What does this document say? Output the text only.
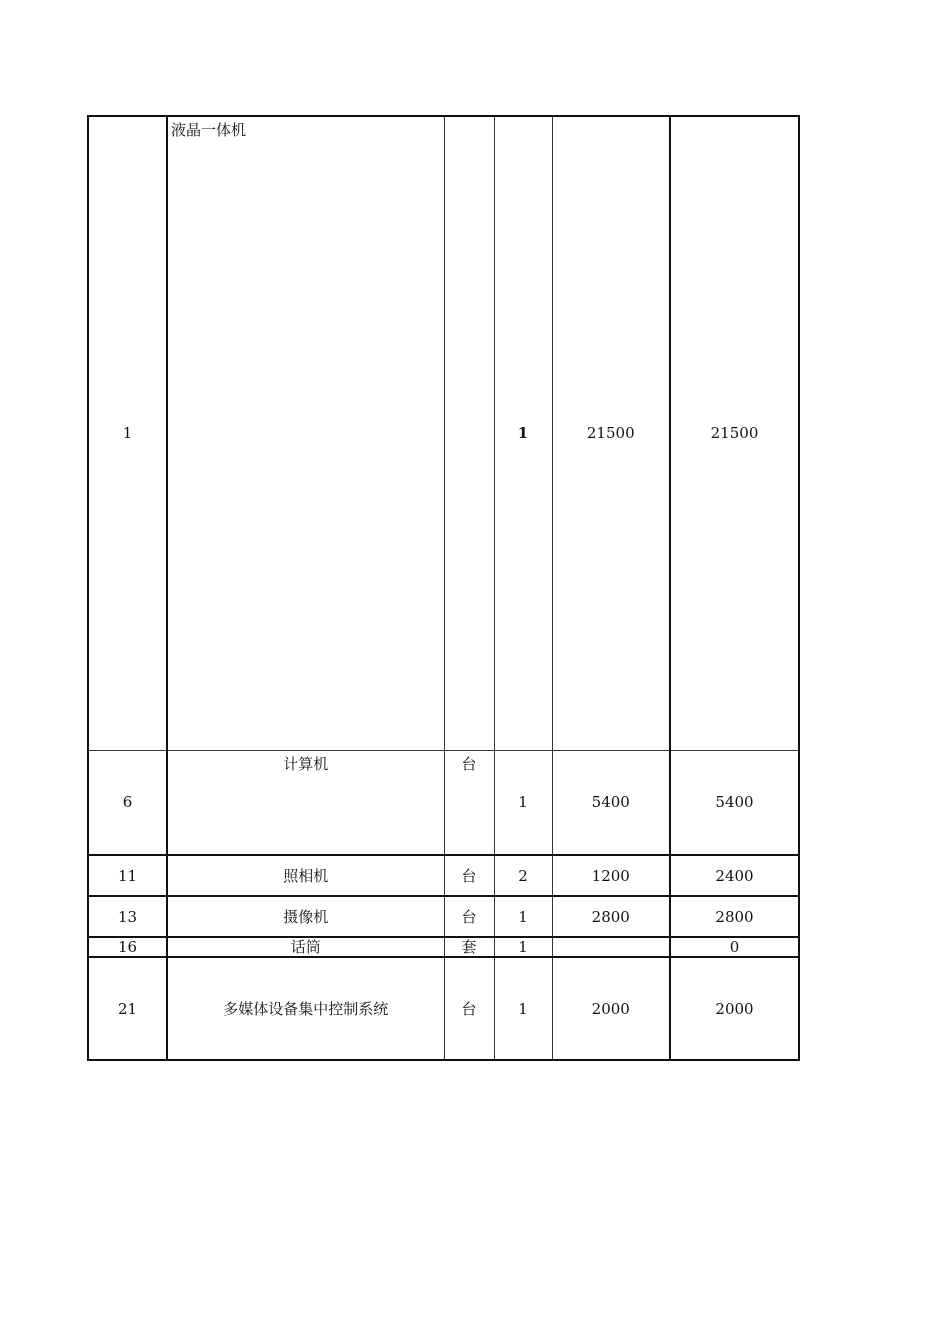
1	液晶一体机		1	21500	21500
6	计算机	台	1	5400	5400
11	照相机	台	2	1200	2400
13	摄像机	台	1	2800	2800
16	话筒	套	1		0
21	多媒体设备集中控制系统	台	1	2000	2000
